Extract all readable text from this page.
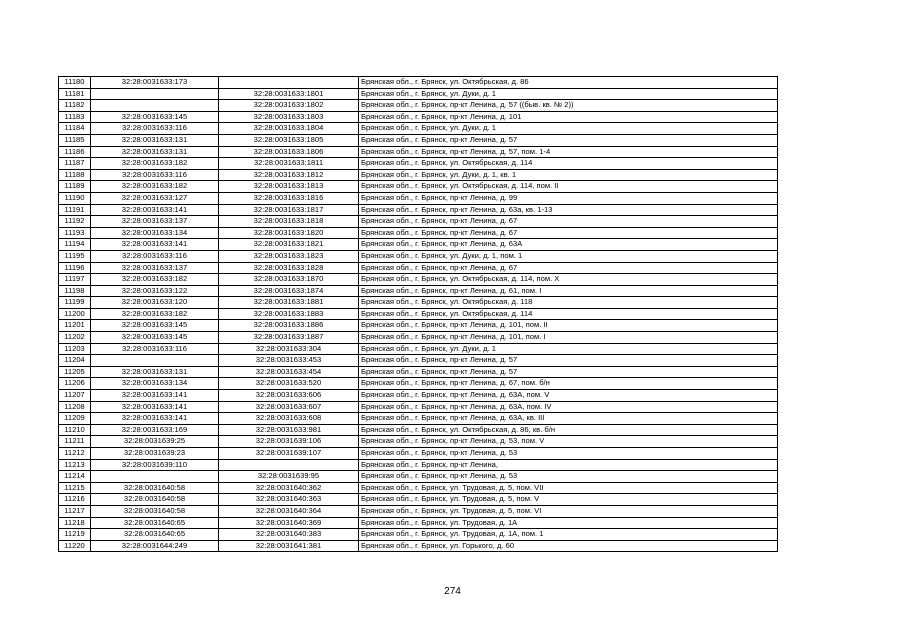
11180	32:28:0031633:173		Брянская обл., г. Брянск, ул. Октябрьская, д. 86
11181		32:28:0031633:1801	Брянская обл., г. Брянск, ул. Дуки, д. 1
11182		32:28:0031633:1802	Брянская обл., г. Брянск, пр-кт Ленина, д. 57 ((быв. кв. № 2))
11183	32:28:0031633:145	32:28:0031633:1803	Брянская обл., г. Брянск, пр-кт Ленина, д. 101
11184	32:28:0031633:116	32:28:0031633:1804	Брянская обл., г. Брянск, ул. Дуки, д. 1
11185	32:28:0031633:131	32:28:0031633:1805	Брянская обл., г. Брянск, пр-кт Ленина, д. 57
11186	32:28:0031633:131	32:28:0031633:1806	Брянская обл., г. Брянск, пр-кт Ленина, д. 57, пом. 1-4
11187	32:28:0031633:182	32:28:0031633:1811	Брянская обл., г. Брянск, ул. Октябрьская, д. 114
11188	32:28:0031633:116	32:28:0031633:1812	Брянская обл., г. Брянск, ул. Дуки, д. 1, кв. 1
11189	32:28:0031633:182	32:28:0031633:1813	Брянская обл., г. Брянск, ул. Октябрьская, д. 114, пом. II
11190	32:28:0031633:127	32:28:0031633:1816	Брянская обл., г. Брянск, пр-кт Ленина, д. 99
11191	32:28:0031633:141	32:28:0031633:1817	Брянская обл., г. Брянск, пр-кт Ленина, д. 63а, кв. 1-13
11192	32:28:0031633:137	32:28:0031633:1818	Брянская обл., г. Брянск, пр-кт Ленина, д. 67
11193	32:28:0031633:134	32:28:0031633:1820	Брянская обл., г. Брянск, пр-кт Ленина, д. 67
11194	32:28:0031633:141	32:28:0031633:1821	Брянская обл., г. Брянск, пр-кт Ленина, д. 63А
11195	32:28:0031633:116	32:28:0031633:1823	Брянская обл., г. Брянск, ул. Дуки, д. 1, пом. 1
11196	32:28:0031633:137	32:28:0031633:1828	Брянская обл., г. Брянск, пр-кт Ленина, д. 67
11197	32:28:0031633:182	32:28:0031633:1870	Брянская обл., г. Брянск, ул. Октябрьская, д. 114, пом. X
11198	32:28:0031633:122	32:28:0031633:1874	Брянская обл., г. Брянск, пр-кт Ленина, д. 61, пом. I
11199	32:28:0031633:120	32:28:0031633:1881	Брянская обл., г. Брянск, ул. Октябрьская, д. 118
11200	32:28:0031633:182	32:28:0031633:1883	Брянская обл., г. Брянск, ул. Октябрьская, д. 114
11201	32:28:0031633:145	32:28:0031633:1886	Брянская обл., г. Брянск, пр-кт Ленина, д. 101, пом. II
11202	32:28:0031633:145	32:28:0031633:1887	Брянская обл., г. Брянск, пр-кт Ленина, д. 101, пом. I
11203	32:28:0031633:116	32:28:0031633:304	Брянская обл., г. Брянск, ул. Дуки, д. 1
11204		32:28:0031633:453	Брянская обл., г. Брянск, пр-кт Ленина, д. 57
11205	32:28:0031633:131	32:28:0031633:454	Брянская обл., г. Брянск, пр-кт Ленина, д. 57
11206	32:28:0031633:134	32:28:0031633:520	Брянская обл., г. Брянск, пр-кт Ленина, д. 67, пом. б/н
11207	32:28:0031633:141	32:28:0031633:606	Брянская обл., г. Брянск, пр-кт Ленина, д. 63А, пом. V
11208	32:28:0031633:141	32:28:0031633:607	Брянская обл., г. Брянск, пр-кт Ленина, д. 63А, пом. IV
11209	32:28:0031633:141	32:28:0031633:608	Брянская обл., г. Брянск, пр-кт Ленина, д. 63А, кв. III
11210	32:28:0031633:169	32:28:0031633:981	Брянская обл., г. Брянск, ул. Октябрьская, д. 86, кв. б/н
11211	32:28:0031639:25	32:28:0031639:106	Брянская обл., г. Брянск, пр-кт Ленина, д. 53, пом. V
11212	32:28:0031639:23	32:28:0031639:107	Брянская обл., г. Брянск, пр-кт Ленина, д. 53
11213	32:28:0031639:110		Брянская обл., г. Брянск, пр-кт Ленина,
11214		32:28:0031639:95	Брянская обл., г. Брянск, пр-кт Ленина, д. 53
11215	32:28:0031640:58	32:28:0031640:362	Брянская обл., г. Брянск, ул. Трудовая, д. 5, пом. VII
11216	32:28:0031640:58	32:28:0031640:363	Брянская обл., г. Брянск, ул. Трудовая, д. 5, пом. V
11217	32:28:0031640:58	32:28:0031640:364	Брянская обл., г. Брянск, ул. Трудовая, д. 5, пом. VI
11218	32:28:0031640:65	32:28:0031640:369	Брянская обл., г. Брянск, ул. Трудовая, д. 1А
11219	32:28:0031640:65	32:28:0031640:383	Брянская обл., г. Брянск, ул. Трудовая, д. 1А, пом. 1
11220	32:28:0031644:249	32:28:0031641:381	Брянская обл., г. Брянск, ул. Горького, д. 60
274
